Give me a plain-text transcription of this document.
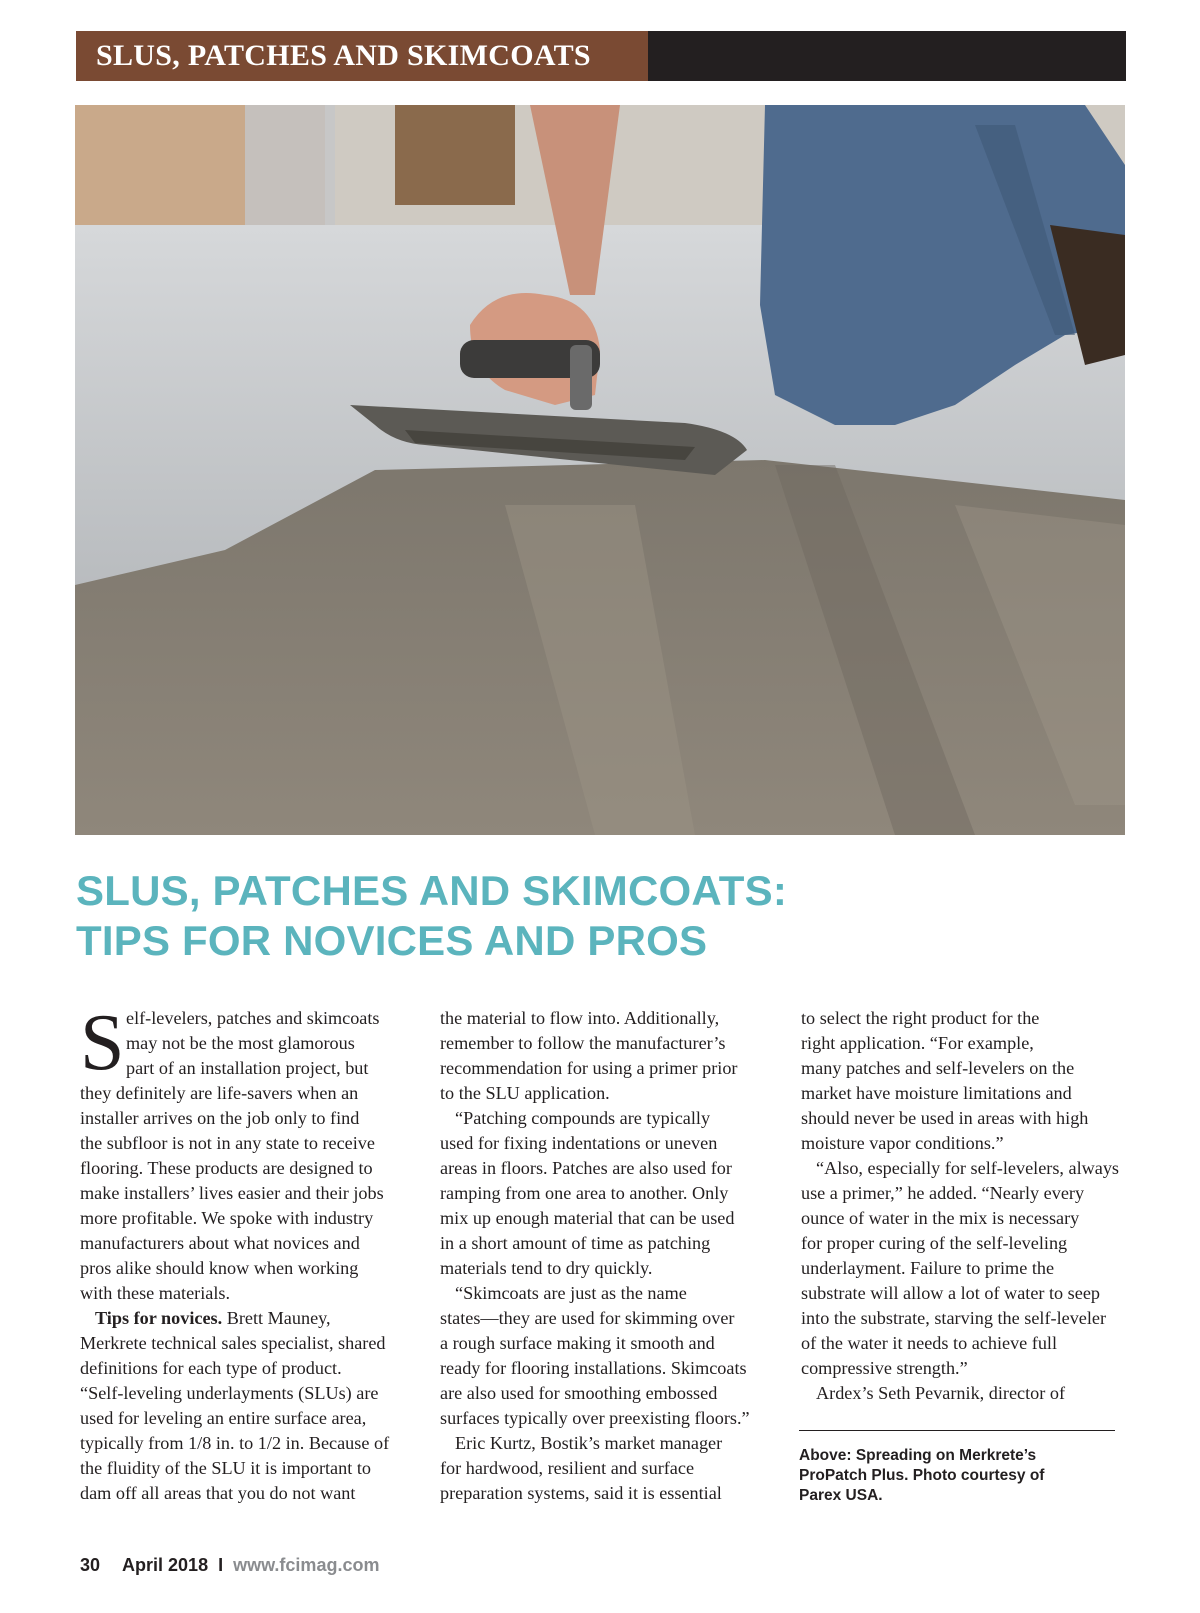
SLUS, PATCHES AND SKIMCOATS
SLUS, PATCHES AND SKIMCOATS:
TIPS FOR NOVICES AND PROS
S elf-levelers, patches and skimcoats

may not be the most glamorous

part of an installation project, but

they definitely are life-savers when an

installer arrives on the job only to find

the subfloor is not in any state to receive

flooring. These products are designed to

make installers’ lives easier and their jobs

more profitable. We spoke with industry

manufacturers about what novices and

pros alike should know when working

with these materials.

Tips for novices. Brett Mauney,

Merkrete technical sales specialist, shared

definitions for each type of product.

“Self-leveling underlayments (SLUs) are

used for leveling an entire surface area,

typically from 1/8 in. to 1/2 in. Because of

the fluidity of the SLU it is important to

dam off all areas that you do not want

the material to flow into. Additionally,

remember to follow the manufacturer’s

recommendation for using a primer prior

to the SLU application.

“Patching compounds are typically

used for fixing indentations or uneven

areas in floors. Patches are also used for

ramping from one area to another. Only

mix up enough material that can be used

in a short amount of time as patching

materials tend to dry quickly.

“Skimcoats are just as the name

states—they are used for skimming over

a rough surface making it smooth and

ready for flooring installations. Skimcoats

are also used for smoothing embossed

surfaces typically over preexisting floors.”

Eric Kurtz, Bostik’s market manager

for hardwood, resilient and surface

preparation systems, said it is essential

to select the right product for the

right application. “For example,

many patches and self-levelers on the

market have moisture limitations and

should never be used in areas with high

moisture vapor conditions.”

“Also, especially for self-levelers, always

use a primer,” he added. “Nearly every

ounce of water in the mix is necessary

for proper curing of the self-leveling

underlayment. Failure to prime the

substrate will allow a lot of water to seep

into the substrate, starving the self-leveler

of the water it needs to achieve full

compressive strength.”

Ardex’s Seth Pevarnik, director of

Above: Spreading on Merkrete’s

ProPatch Plus. Photo courtesy of

Parex USA.

30 April 2018 I www.fcimag.com
